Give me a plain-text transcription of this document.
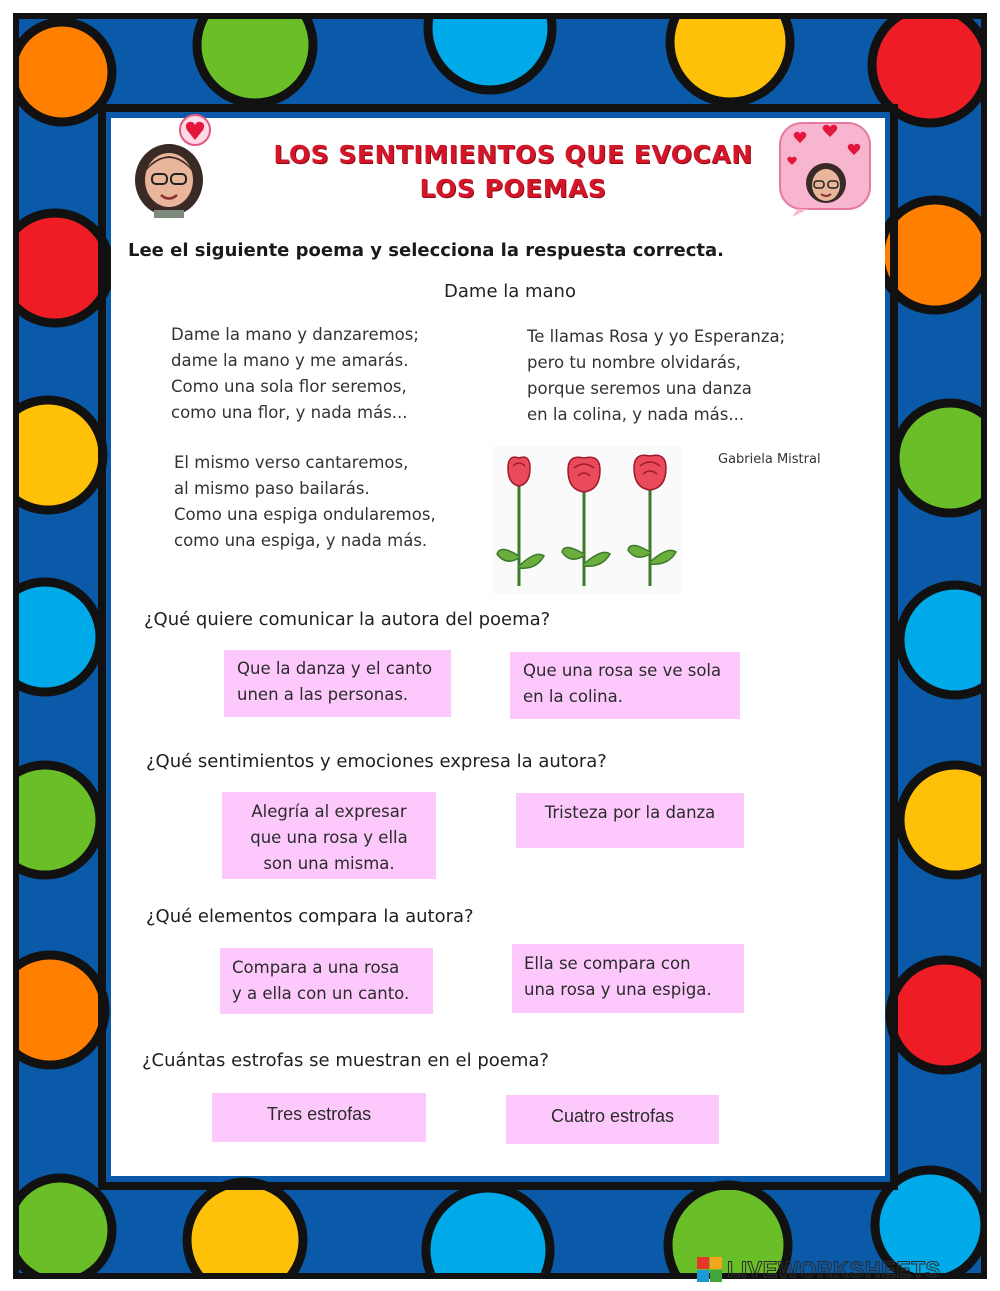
LOS SENTIMIENTOS QUE EVOCAN LOS POEMAS
Lee el siguiente poema y selecciona la respuesta correcta.
Dame la mano
Dame la mano y danzaremos;
dame la mano y me amarás.
Como una sola flor seremos,
como una flor, y nada más...
Te llamas Rosa y yo Esperanza;
pero tu nombre olvidarás,
porque seremos una danza
en la colina, y nada más...
El mismo verso cantaremos,
al mismo paso bailarás.
Como una espiga ondularemos,
como una espiga, y nada más.
Gabriela Mistral
¿Qué quiere comunicar la autora del poema?
Que la danza y el canto
unen a las personas.
Que una rosa se ve sola
en la colina.
¿Qué sentimientos y emociones expresa la autora?
Alegría al expresar
que una rosa y ella
son una misma.
Tristeza por la danza
¿Qué elementos compara la autora?
Compara a una rosa
y a ella con un canto.
Ella se compara con
una rosa y una espiga.
¿Cuántas estrofas se muestran en el poema?
Tres estrofas	Cuatro estrofas
LIVEWORKSHEETS
